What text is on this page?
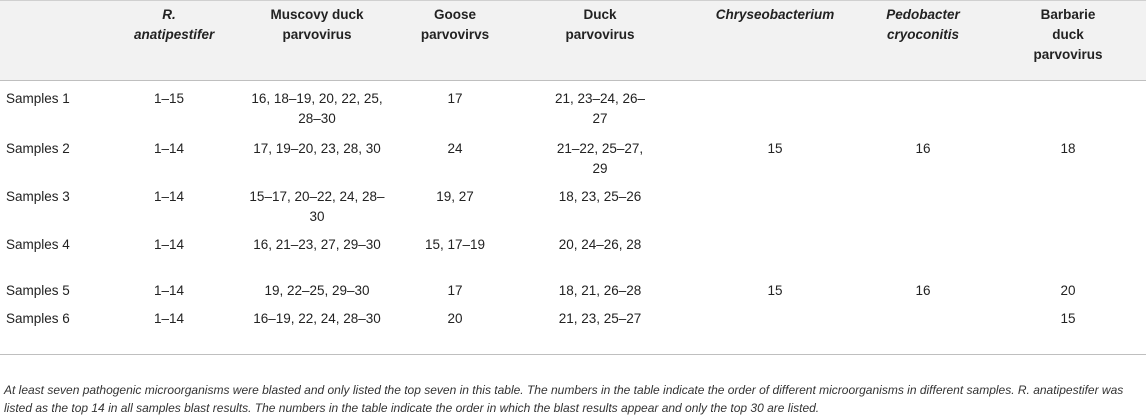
	R. anatipestifer	Muscovy duck parvovirus	Goose parvovirvs	Duck parvovirus	Chryseobacterium	Pedobacter cryoconitis	Barbarie duck parvovirus

Samples 1	1–15	16, 18–19, 20, 22, 25, 28–30	17	21, 23–24, 26–27			

Samples 2	1–14	17, 19–20, 23, 28, 30	24	21–22, 25–27, 29	15	16	18
Samples 3	1–14	15–17, 20–22, 24, 28–30	19, 27	18, 23, 25–26			

Samples 4	1–14	16, 21–23, 27, 29–30	15, 17–19	20, 24–26, 28			

Samples 5	1–14	19, 22–25, 29–30	17	18, 21, 26–28	15	16	20
Samples 6	1–14	16–19, 22, 24, 28–30	20	21, 23, 25–27			15
At least seven pathogenic microorganisms were blasted and only listed the top seven in this table. The numbers in the table indicate the order of different microorganisms in different samples. R. anatipestifer was listed as the top 14 in all samples blast results. The numbers in the table indicate the order in which the blast results appear and only the top 30 are listed.
